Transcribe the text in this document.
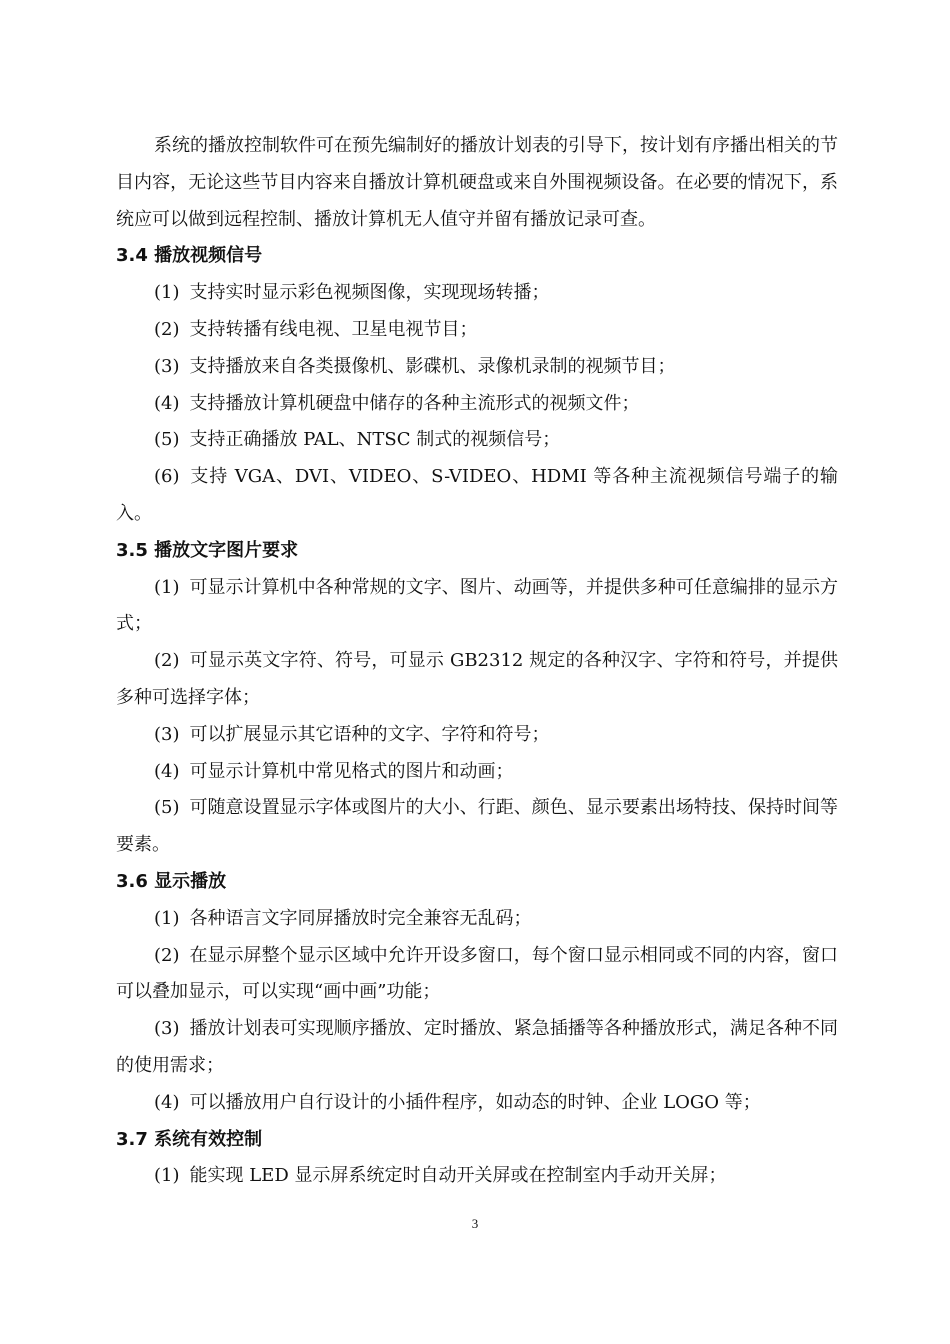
系统的播放控制软件可在预先编制好的播放计划表的引导下，按计划有序播出相关的节目内容，无论这些节目内容来自播放计算机硬盘或来自外围视频设备。在必要的情况下，系统应可以做到远程控制、播放计算机无人值守并留有播放记录可查。

3.4 播放视频信号

(1) 支持实时显示彩色视频图像，实现现场转播；

(2) 支持转播有线电视、卫星电视节目；

(3) 支持播放来自各类摄像机、影碟机、录像机录制的视频节目；

(4) 支持播放计算机硬盘中储存的各种主流形式的视频文件；

(5) 支持正确播放 PAL、NTSC 制式的视频信号；

(6) 支持 VGA、DVI、VIDEO、S-VIDEO、HDMI 等各种主流视频信号端子的输入。

3.5 播放文字图片要求

(1) 可显示计算机中各种常规的文字、图片、动画等，并提供多种可任意编排的显示方式；

(2) 可显示英文字符、符号，可显示 GB2312 规定的各种汉字、字符和符号，并提供多种可选择字体；

(3) 可以扩展显示其它语种的文字、字符和符号；

(4) 可显示计算机中常见格式的图片和动画；

(5) 可随意设置显示字体或图片的大小、行距、颜色、显示要素出场特技、保持时间等要素。

3.6 显示播放

(1) 各种语言文字同屏播放时完全兼容无乱码；

(2) 在显示屏整个显示区域中允许开设多窗口，每个窗口显示相同或不同的内容，窗口可以叠加显示，可以实现“画中画”功能；

(3) 播放计划表可实现顺序播放、定时播放、紧急插播等各种播放形式，满足各种不同的使用需求；

(4) 可以播放用户自行设计的小插件程序，如动态的时钟、企业 LOGO 等；

3.7 系统有效控制

(1) 能实现 LED 显示屏系统定时自动开关屏或在控制室内手动开关屏；

3
